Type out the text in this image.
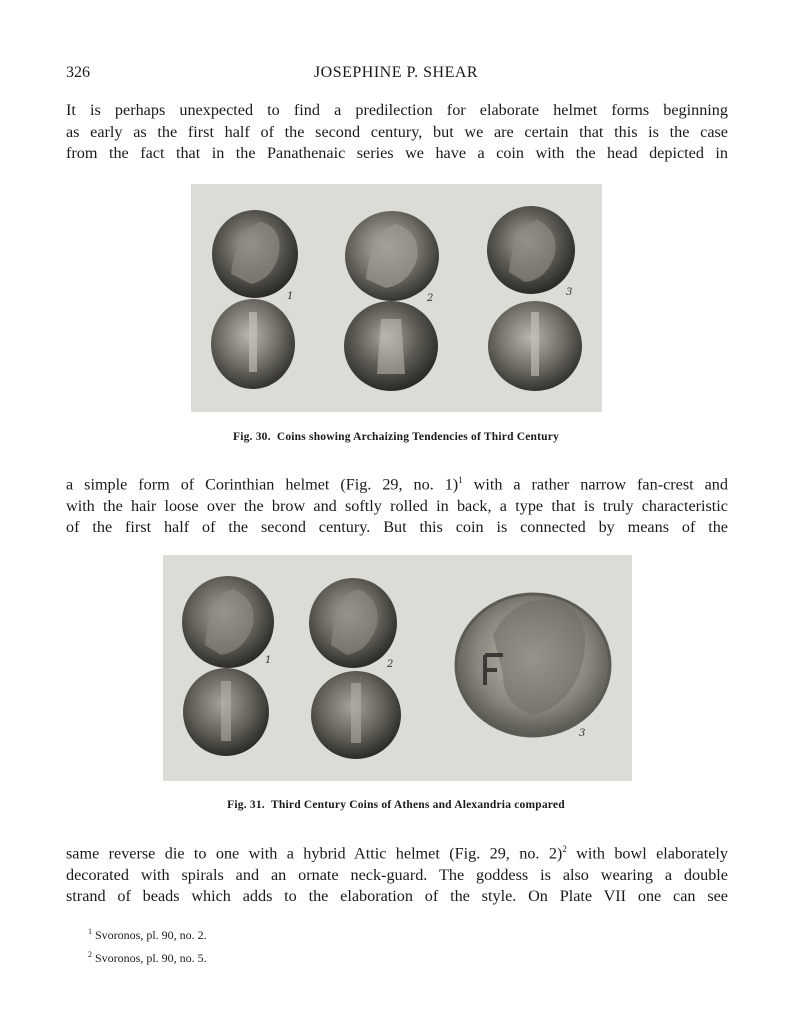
326	JOSEPHINE P. SHEAR

It is perhaps unexpected to find a predilection for elaborate helmet forms beginning
as early as the first half of the second century, but we are certain that this is the case
from the fact that in the Panathenaic series we have a coin with the head depicted in

1	2
3
Fig. 30. Coins showing Archaizing Tendencies of Third Century

a simple form of Corinthian helmet (Fig. 29, no. 1)$^1$ with a rather narrow fan-crest and
with the hair loose over the brow and softly rolled in back, a type that is truly characteristic
of the first half of the second century. But this coin is connected by means of the

1	2
3
Fig. 31. Third Century Coins of Athens and Alexandria compared

same reverse die to one with a hybrid Attic helmet (Fig. 29, no. 2)$^2$ with bowl elaborately
decorated with spirals and an ornate neck-guard. The goddess is also wearing a double
strand of beads which adds to the elaboration of the style. On Plate VII one can see

$^1$ Svoronos, pl. 90, no. 2.
$^2$ Svoronos, pl. 90, no. 5.
